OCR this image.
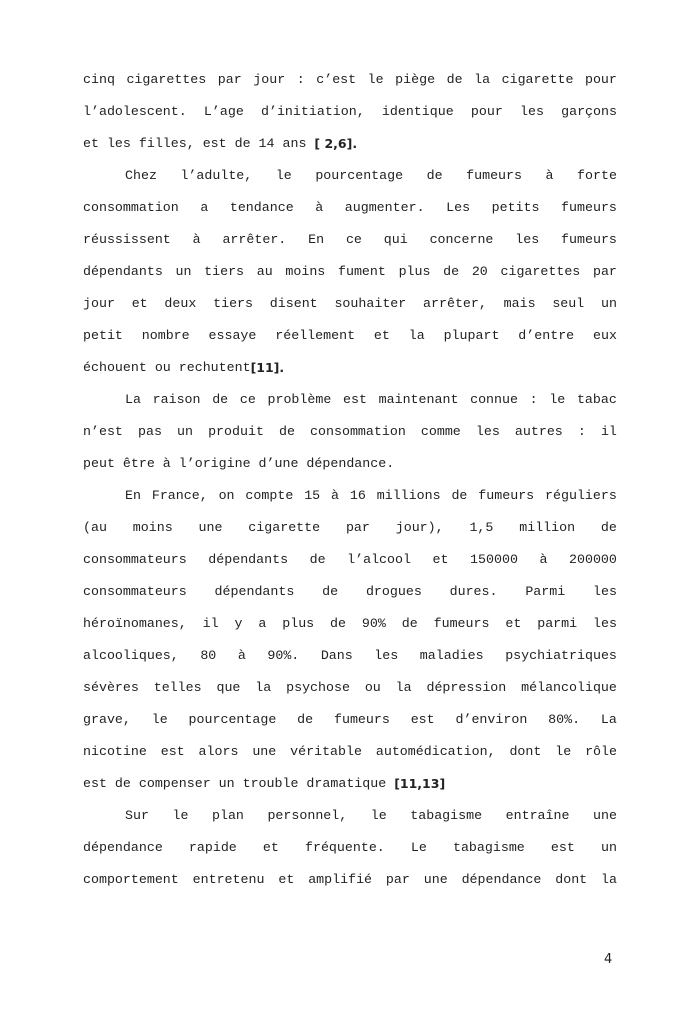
cinq cigarettes par jour : c’est le piège de la cigarette pour
l’adolescent. L’age d’initiation, identique pour les garçons
et les filles, est de 14 ans [ 2,6] .
Chez l’adulte, le pourcentage de fumeurs à forte
consommation a tendance à augmenter. Les petits fumeurs
réussissent à arrêter. En ce qui concerne les fumeurs
dépendants un tiers au moins fument plus de 20 cigarettes par
jour et deux tiers disent souhaiter arrêter, mais seul un
petit nombre essaye réellement et la plupart d’entre eux
échouent ou rechutent [11] .
La raison de ce problème est maintenant connue : le tabac
n’est pas un produit de consommation comme les autres : il
peut être à l’origine d’une dépendance.
En France, on compte 15 à 16 millions de fumeurs réguliers
(au moins une cigarette par jour), 1,5 million de
consommateurs dépendants de l’alcool et 150000 à 200000
consommateurs dépendants de drogues dures. Parmi les
héroïnomanes, il y a plus de 90% de fumeurs et parmi les
alcooliques, 80 à 90%. Dans les maladies psychiatriques
sévères telles que la psychose ou la dépression mélancolique
grave, le pourcentage de fumeurs est d’environ 80%. La
nicotine est alors une véritable automédication, dont le rôle
est de compenser un trouble dramatique [11,13]
Sur le plan personnel, le tabagisme entraîne une
dépendance rapide et fréquente. Le tabagisme est un
comportement entretenu et amplifié par une dépendance dont la
4
